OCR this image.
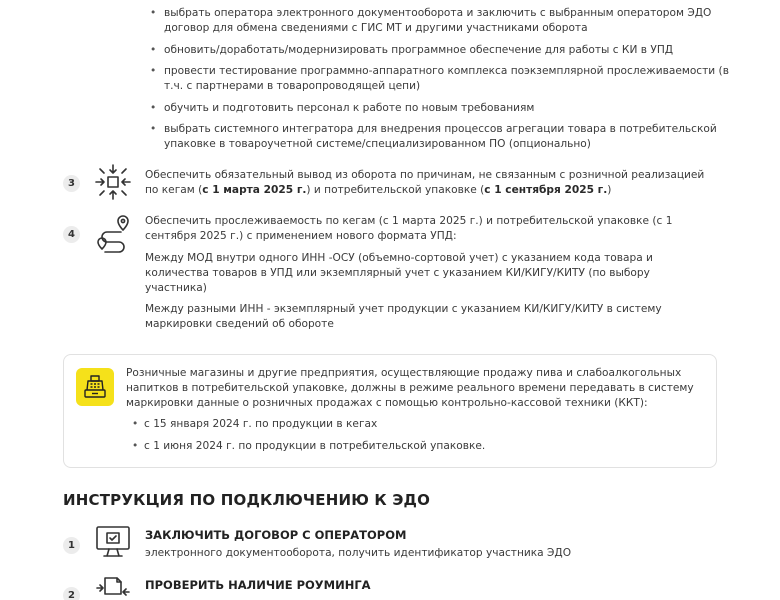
• выбрать оператора электронного документооборота и заключить с выбранным оператором ЭДО договор для обмена сведениями с ГИС МТ и другими участниками оборота
• обновить/доработать/модернизировать программное обеспечение для работы с КИ в УПД
• провести тестирование программно-аппаратного комплекса поэкземплярной прослеживаемости (в т.ч. с партнерами в товаропроводящей цепи)
• обучить и подготовить персонал к работе по новым требованиям
• выбрать системного интегратора для внедрения процессов агрегации товара в потребительской упаковке в товароучетной системе/специализированном ПО (опционально)
3
Обеспечить обязательный вывод из оборота по причинам, не связанным с розничной реализацией по кегам (с 1 марта 2025 г.) и потребительской упаковке (с 1 сентября 2025 г.)
4
Обеспечить прослеживаемость по кегам (с 1 марта 2025 г.) и потребительской упаковке (с 1 сентября 2025 г.) с применением нового формата УПД:
Между МОД внутри одного ИНН -ОСУ (объемно-сортовой учет) с указанием кода товара и количества товаров в УПД или экземплярный учет с указанием КИ/КИГУ/КИТУ (по выбору участника)
Между разными ИНН - экземплярный учет продукции с указанием КИ/КИГУ/КИТУ в систему маркировки сведений об обороте
Розничные магазины и другие предприятия, осуществляющие продажу пива и слабоалкогольных напитков в потребительской упаковке, должны в режиме реального времени передавать в систему маркировки данные о розничных продажах с помощью контрольно-кассовой техники (ККТ):
• с 15 января 2024 г. по продукции в кегах
• с 1 июня 2024 г. по продукции в потребительской упаковке.
ИНСТРУКЦИЯ ПО ПОДКЛЮЧЕНИЮ К ЭДО
1
ЗАКЛЮЧИТЬ ДОГОВОР С ОПЕРАТОРОМ
электронного документооборота, получить идентификатор участника ЭДО
2
ПРОВЕРИТЬ НАЛИЧИЕ РОУМИНГА
